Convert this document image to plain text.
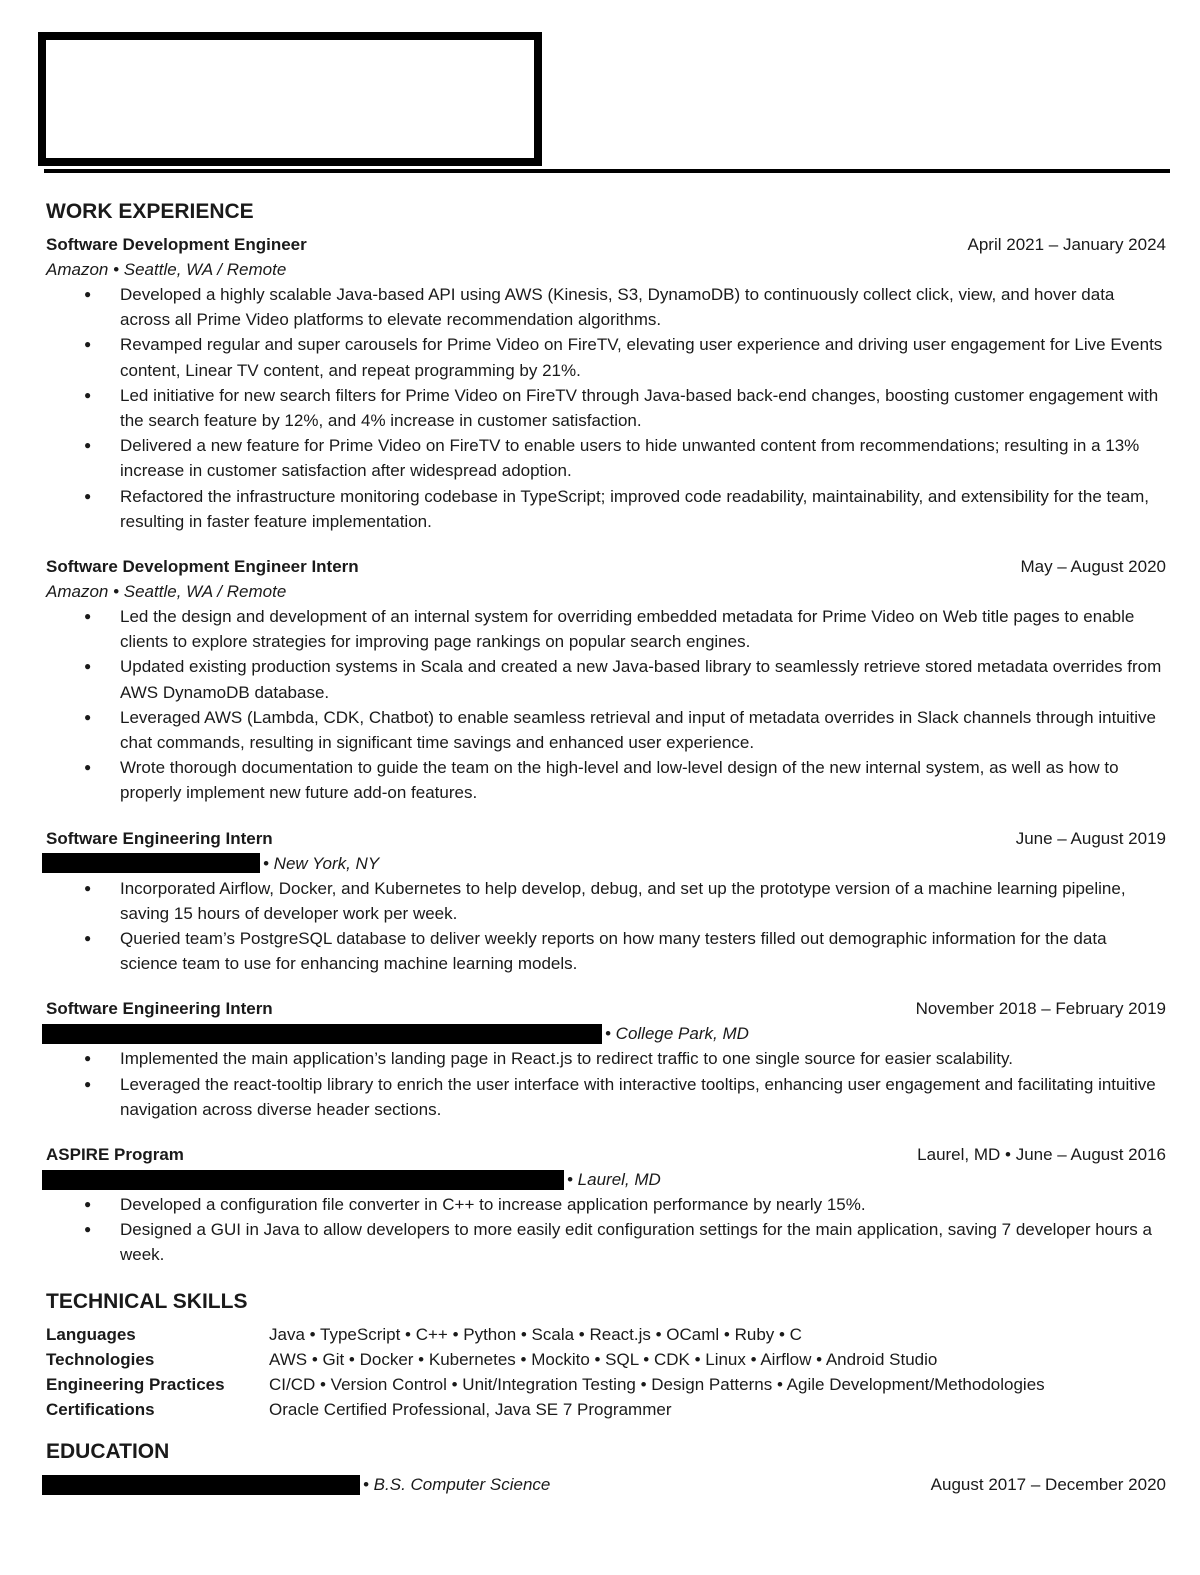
WORK EXPERIENCE
Software Development Engineer	April 2021 – January 2024
Amazon • Seattle, WA / Remote
● Developed a highly scalable Java-based API using AWS (Kinesis, S3, DynamoDB) to continuously collect click, view, and hover data across all Prime Video platforms to elevate recommendation algorithms.
● Revamped regular and super carousels for Prime Video on FireTV, elevating user experience and driving user engagement for Live Events content, Linear TV content, and repeat programming by 21%.
● Led initiative for new search filters for Prime Video on FireTV through Java-based back-end changes, boosting customer engagement with the search feature by 12%, and 4% increase in customer satisfaction.
● Delivered a new feature for Prime Video on FireTV to enable users to hide unwanted content from recommendations; resulting in a 13% increase in customer satisfaction after widespread adoption.
● Refactored the infrastructure monitoring codebase in TypeScript; improved code readability, maintainability, and extensibility for the team, resulting in faster feature implementation.
Software Development Engineer Intern	May – August 2020
Amazon • Seattle, WA / Remote
● Led the design and development of an internal system for overriding embedded metadata for Prime Video on Web title pages to enable clients to explore strategies for improving page rankings on popular search engines.
● Updated existing production systems in Scala and created a new Java-based library to seamlessly retrieve stored metadata overrides from AWS DynamoDB database.
● Leveraged AWS (Lambda, CDK, Chatbot) to enable seamless retrieval and input of metadata overrides in Slack channels through intuitive chat commands, resulting in significant time savings and enhanced user experience.
● Wrote thorough documentation to guide the team on the high-level and low-level design of the new internal system, as well as how to properly implement new future add-on features.
Software Engineering Intern	June – August 2019
• New York, NY
● Incorporated Airflow, Docker, and Kubernetes to help develop, debug, and set up the prototype version of a machine learning pipeline, saving 15 hours of developer work per week.
● Queried team’s PostgreSQL database to deliver weekly reports on how many testers filled out demographic information for the data science team to use for enhancing machine learning models.
Software Engineering Intern	November 2018 – February 2019
• College Park, MD
● Implemented the main application’s landing page in React.js to redirect traffic to one single source for easier scalability.
● Leveraged the react-tooltip library to enrich the user interface with interactive tooltips, enhancing user engagement and facilitating intuitive navigation across diverse header sections.
ASPIRE Program	Laurel, MD • June – August 2016
• Laurel, MD
● Developed a configuration file converter in C++ to increase application performance by nearly 15%.
● Designed a GUI in Java to allow developers to more easily edit configuration settings for the main application, saving 7 developer hours a week.
TECHNICAL SKILLS
Languages	Java • TypeScript • C++ • Python • Scala • React.js • OCaml • Ruby • C
Technologies	AWS • Git • Docker • Kubernetes • Mockito • SQL • CDK • Linux • Airflow • Android Studio
Engineering Practices	CI/CD • Version Control • Unit/Integration Testing • Design Patterns • Agile Development/Methodologies
Certifications	Oracle Certified Professional, Java SE 7 Programmer
EDUCATION
• B.S. Computer Science	August 2017 – December 2020
